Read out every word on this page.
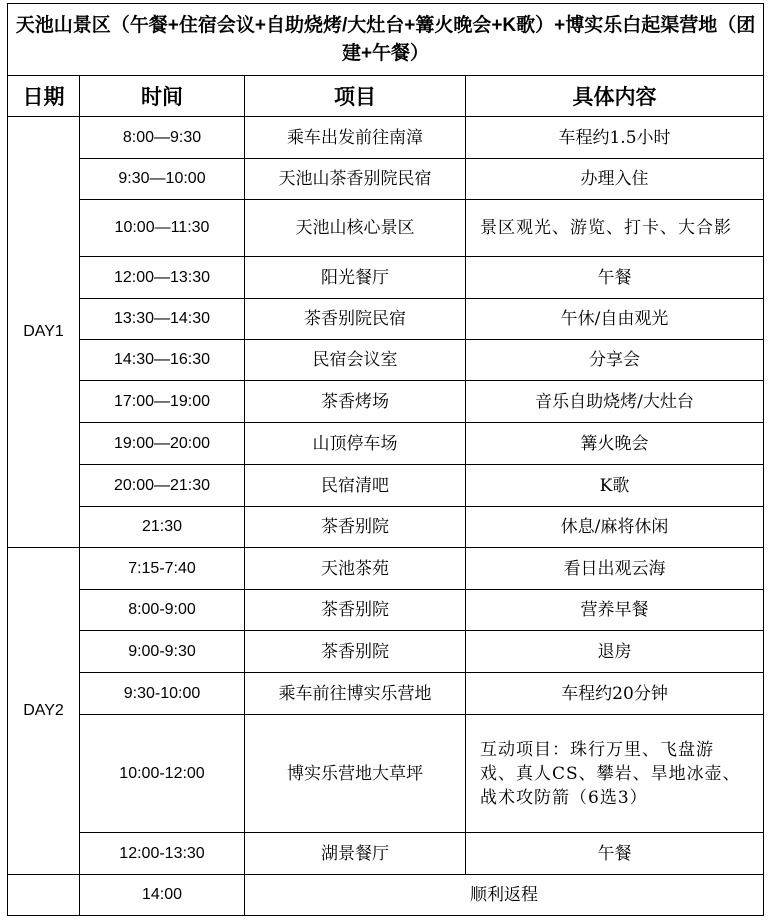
天池山景区（午餐+住宿会议+自助烧烤/大灶台+篝火晚会+K歌）+博实乐白起渠营地（团建+午餐）			
日期	时间	项目	具体内容
DAY1	8:00—9:30	乘车出发前往南漳	车程约1.5小时
	9:30—10:00	天池山茶香别院民宿	办理入住
	10:00—11:30	天池山核心景区	景区观光、游览、打卡、大合影
	12:00—13:30	阳光餐厅	午餐
	13:30—14:30	茶香别院民宿	午休/自由观光
	14:30—16:30	民宿会议室	分享会
	17:00—19:00	茶香烤场	音乐自助烧烤/大灶台
	19:00—20:00	山顶停车场	篝火晚会
	20:00—21:30	民宿清吧	K歌
	21:30	茶香别院	休息/麻将休闲
DAY2	7:15-7:40	天池茶苑	看日出观云海
	8:00-9:00	茶香别院	营养早餐
	9:00-9:30	茶香别院	退房
	9:30-10:00	乘车前往博实乐营地	车程约20分钟
	10:00-12:00	博实乐营地大草坪	互动项目：珠行万里、飞盘游戏、真人CS、攀岩、旱地冰壶、战术攻防箭（6选3）
	12:00-13:30	湖景餐厅	午餐
	14:00	顺利返程	
